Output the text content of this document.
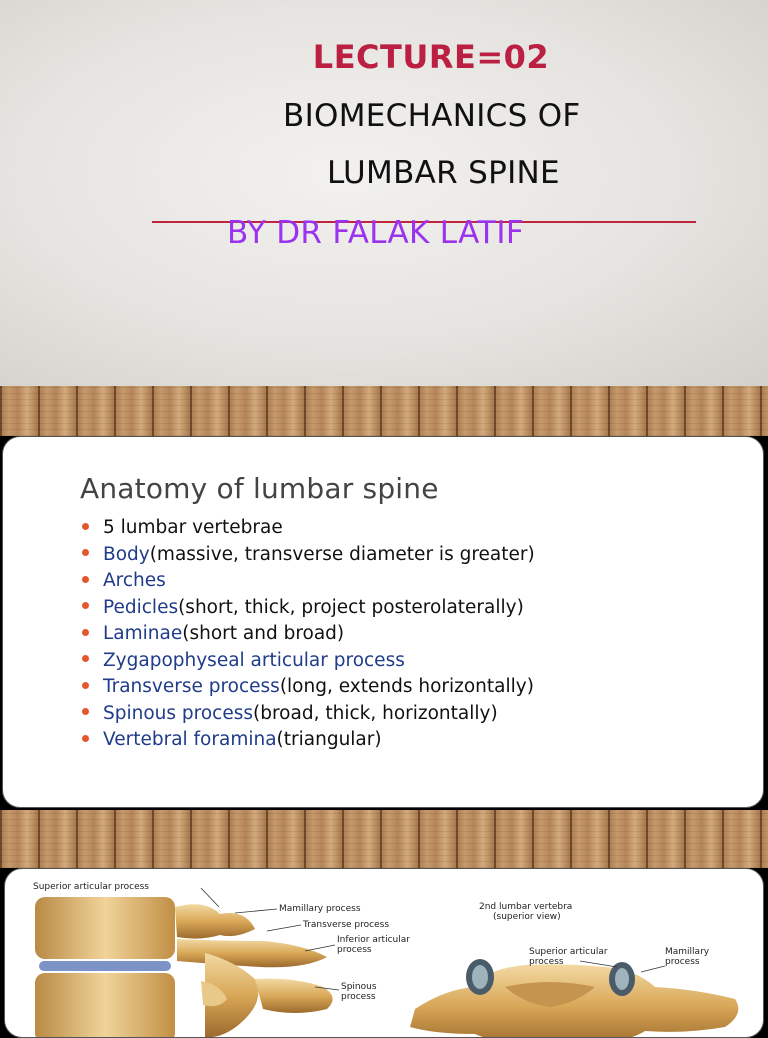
LECTURE=02
BIOMECHANICS OF
LUMBAR SPINE
BY DR FALAK LATIF
Anatomy of lumbar spine
5 lumbar vertebrae
Body(massive, transverse diameter is greater)
Arches
Pedicles(short, thick, project posterolaterally)
Laminae(short and broad)
Zygapophyseal articular process
Transverse process(long, extends horizontally)
Spinous process(broad, thick, horizontally)
Vertebral foramina(triangular)
Superior articular process
Mamillary process
Transverse process
Inferior articular
process
Spinous
process
2nd lumbar vertebra
(superior view)
Superior articular
process
Mamillary
process
